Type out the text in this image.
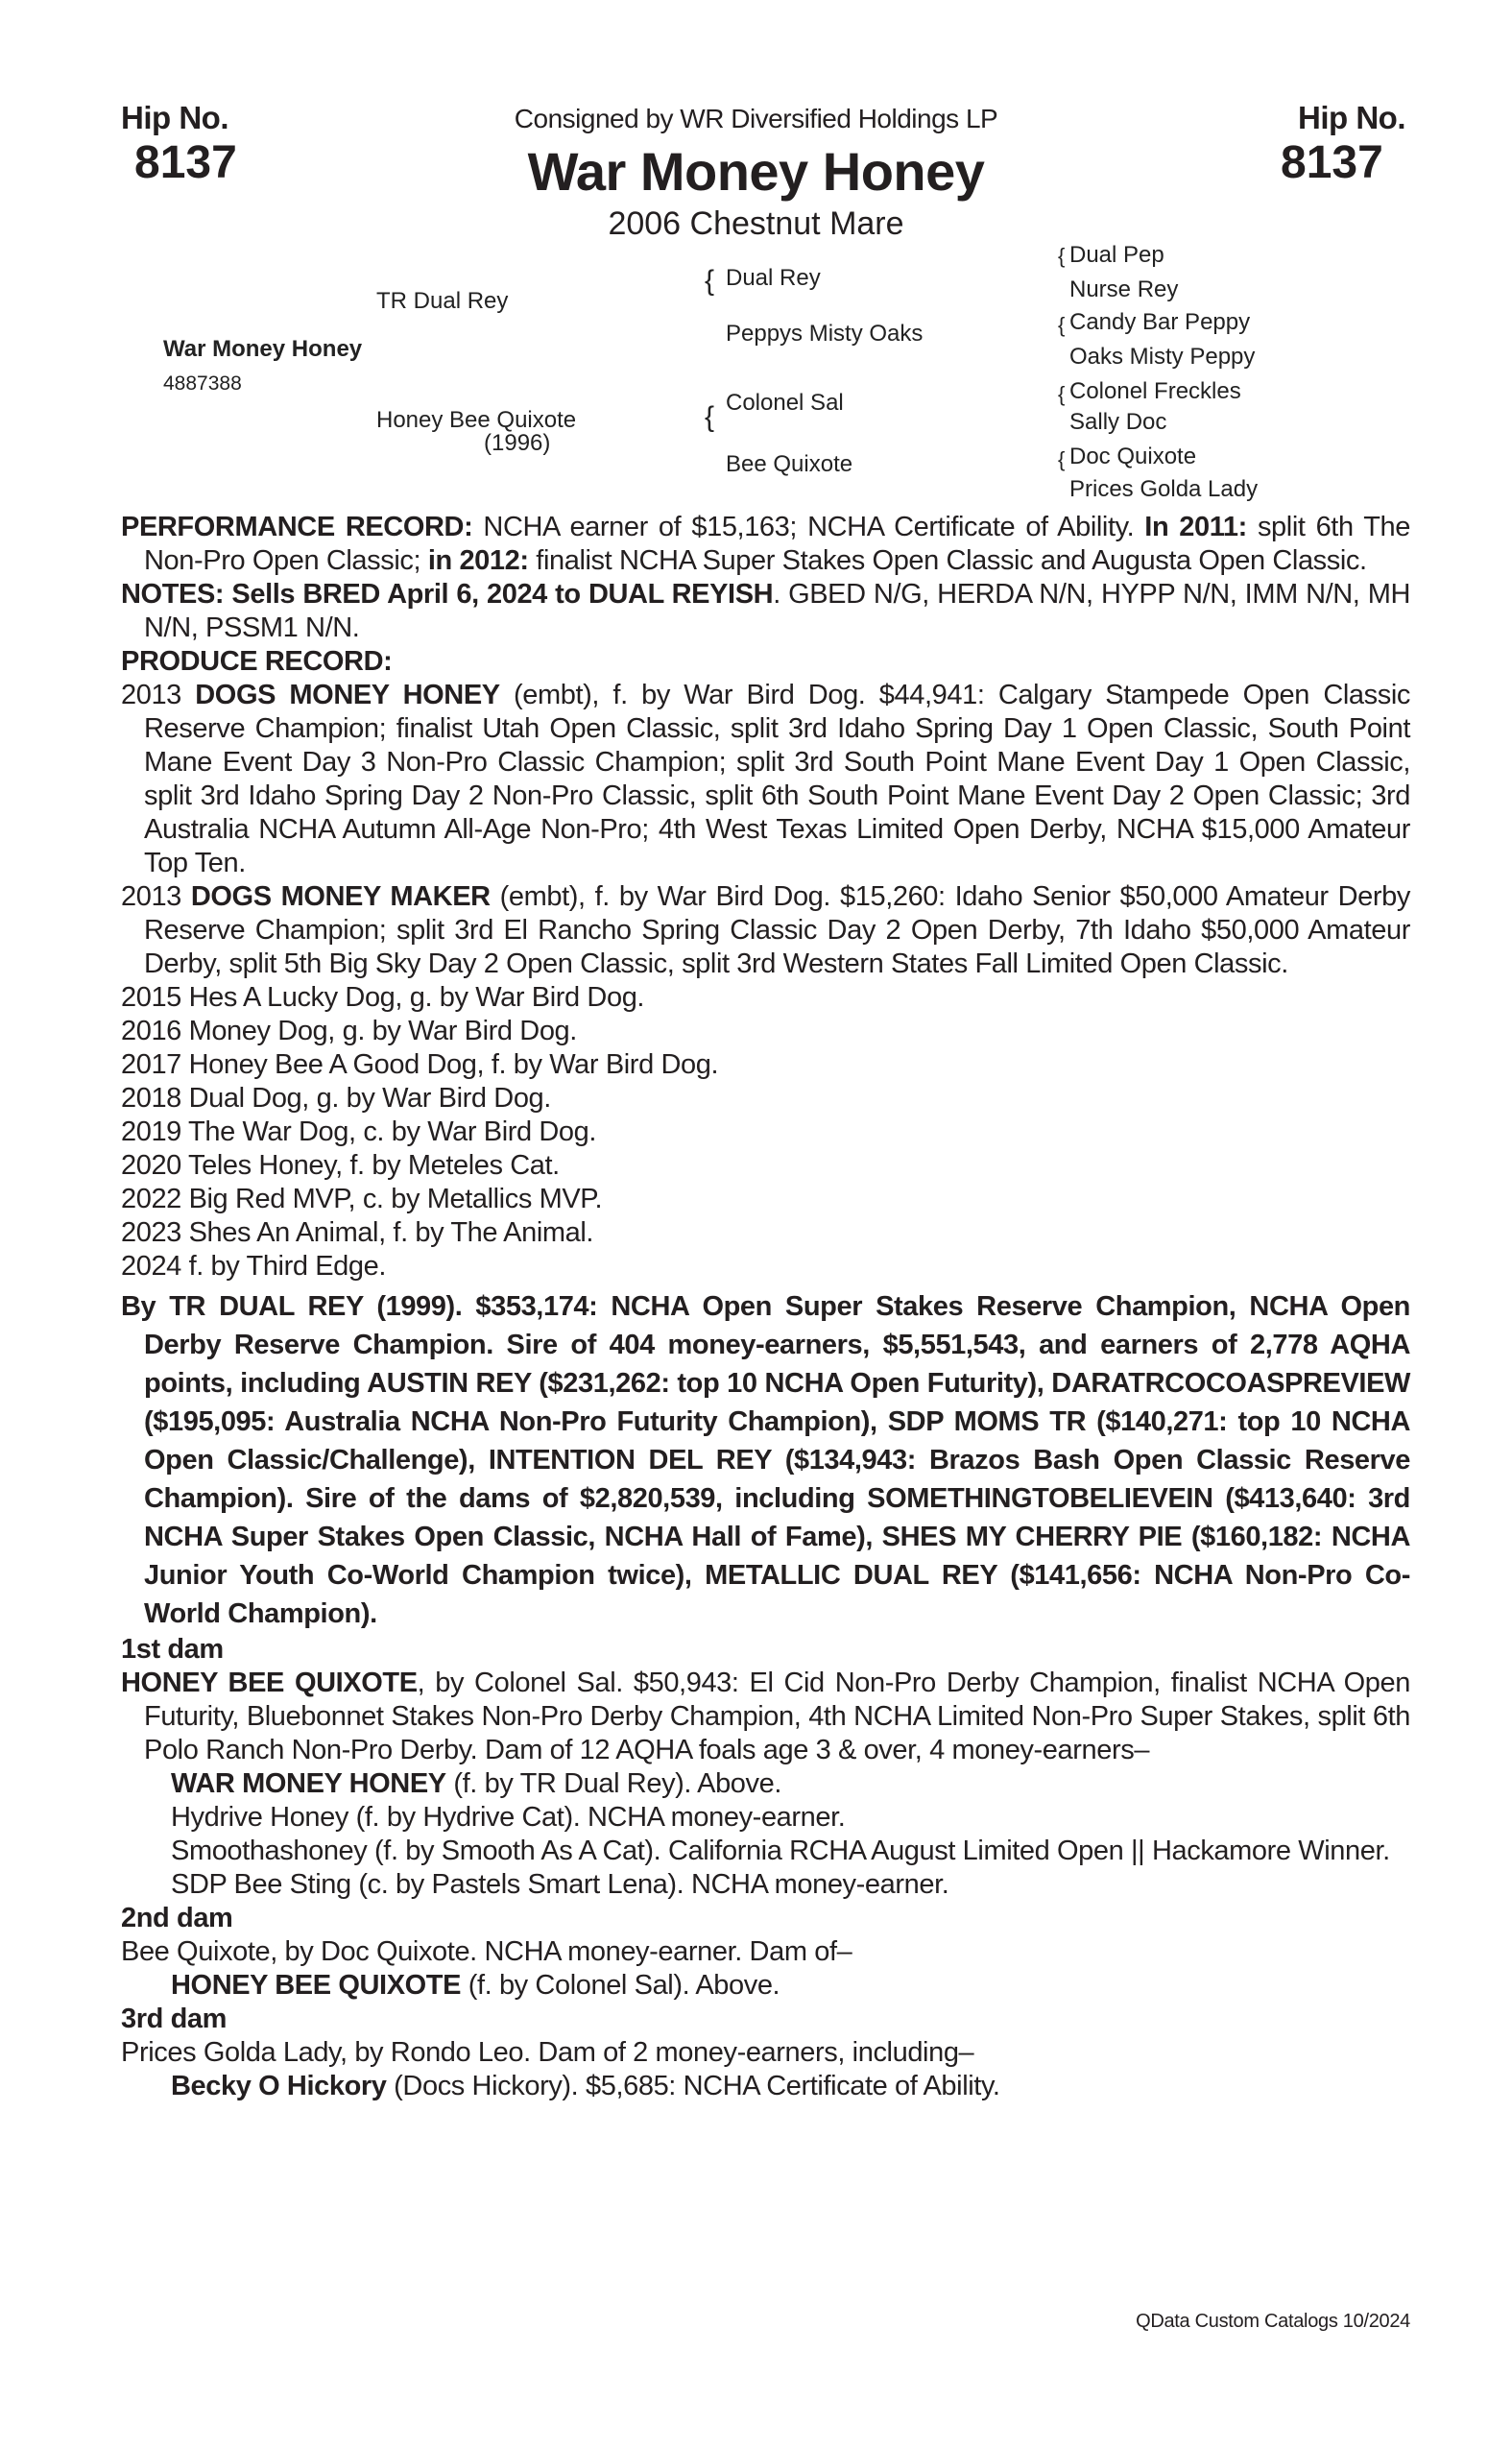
Hip No.
8137
Hip No.
8137
Consigned by WR Diversified Holdings LP
War Money Honey
2006 Chestnut Mare
War Money Honey
4887388
TR Dual Rey
Honey Bee Quixote
(1996)
{ Dual Rey
Peppys Misty Oaks
{ Colonel Sal
Bee Quixote
{ Dual Pep
Nurse Rey
{ Candy Bar Peppy
Oaks Misty Peppy
{ Colonel Freckles
Sally Doc
{ Doc Quixote
Prices Golda Lady

PERFORMANCE RECORD: NCHA earner of $15,163; NCHA Certificate of Ability. In 2011: split 6th The Non-Pro Open Classic; in 2012: finalist NCHA Super Stakes Open Classic and Augusta Open Classic.

NOTES: Sells BRED April 6, 2024 to DUAL REYISH. GBED N/G, HERDA N/N, HYPP N/N, IMM N/N, MH N/N, PSSM1 N/N.

PRODUCE RECORD:

2013 DOGS MONEY HONEY (embt), f. by War Bird Dog. $44,941: Calgary Stampede Open Classic Reserve Champion; finalist Utah Open Classic, split 3rd Idaho Spring Day 1 Open Classic, South Point Mane Event Day 3 Non-Pro Classic Champion; split 3rd South Point Mane Event Day 1 Open Classic, split 3rd Idaho Spring Day 2 Non-Pro Classic, split 6th South Point Mane Event Day 2 Open Classic; 3rd Australia NCHA Autumn All-Age Non-Pro; 4th West Texas Limited Open Derby, NCHA $15,000 Amateur Top Ten.

2013 DOGS MONEY MAKER (embt), f. by War Bird Dog. $15,260: Idaho Senior $50,000 Amateur Derby Reserve Champion; split 3rd El Rancho Spring Classic Day 2 Open Derby, 7th Idaho $50,000 Amateur Derby, split 5th Big Sky Day 2 Open Classic, split 3rd Western States Fall Limited Open Classic.

2015 Hes A Lucky Dog, g. by War Bird Dog.

2016 Money Dog, g. by War Bird Dog.

2017 Honey Bee A Good Dog, f. by War Bird Dog.

2018 Dual Dog, g. by War Bird Dog.

2019 The War Dog, c. by War Bird Dog.

2020 Teles Honey, f. by Meteles Cat.

2022 Big Red MVP, c. by Metallics MVP.

2023 Shes An Animal, f. by The Animal.

2024 f. by Third Edge.

By TR DUAL REY (1999). $353,174: NCHA Open Super Stakes Reserve Champion, NCHA Open Derby Reserve Champion. Sire of 404 money-earners, $5,551,543, and earners of 2,778 AQHA points, including AUSTIN REY ($231,262: top 10 NCHA Open Futurity), DARATRCOCOASPREVIEW ($195,095: Australia NCHA Non-Pro Futurity Champion), SDP MOMS TR ($140,271: top 10 NCHA Open Classic/Challenge), INTENTION DEL REY ($134,943: Brazos Bash Open Classic Reserve Champion). Sire of the dams of $2,820,539, including SOMETHINGTOBELIEVEIN ($413,640: 3rd NCHA Super Stakes Open Classic, NCHA Hall of Fame), SHES MY CHERRY PIE ($160,182: NCHA Junior Youth Co-World Champion twice), METALLIC DUAL REY ($141,656: NCHA Non-Pro Co-World Champion).

1st dam

HONEY BEE QUIXOTE, by Colonel Sal. $50,943: El Cid Non-Pro Derby Champion, finalist NCHA Open Futurity, Bluebonnet Stakes Non-Pro Derby Champion, 4th NCHA Limited Non-Pro Super Stakes, split 6th Polo Ranch Non-Pro Derby. Dam of 12 AQHA foals age 3 & over, 4 money-earners–

WAR MONEY HONEY (f. by TR Dual Rey). Above.

Hydrive Honey (f. by Hydrive Cat). NCHA money-earner.

Smoothashoney (f. by Smooth As A Cat). California RCHA August Limited Open || Hackamore Winner.

SDP Bee Sting (c. by Pastels Smart Lena). NCHA money-earner.

2nd dam

Bee Quixote, by Doc Quixote. NCHA money-earner. Dam of–

HONEY BEE QUIXOTE (f. by Colonel Sal). Above.

3rd dam

Prices Golda Lady, by Rondo Leo. Dam of 2 money-earners, including–

Becky O Hickory (Docs Hickory). $5,685: NCHA Certificate of Ability.

QData Custom Catalogs 10/2024
